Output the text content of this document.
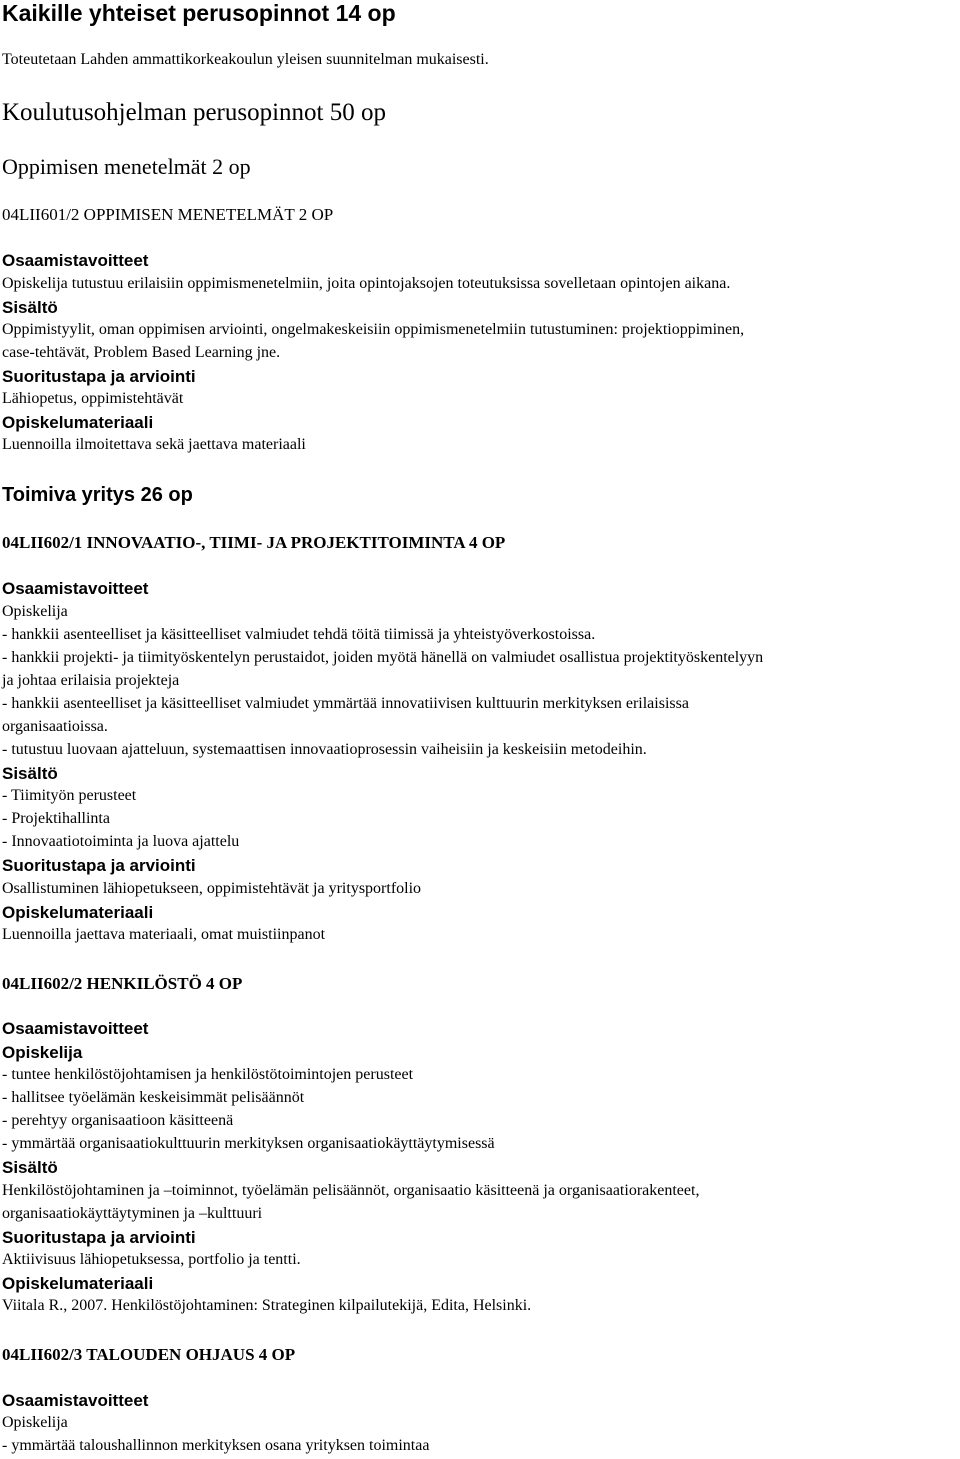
Kaikille yhteiset perusopinnot 14 op
Toteutetaan Lahden ammattikorkeakoulun yleisen suunnitelman mukaisesti.
Koulutusohjelman perusopinnot 50 op
Oppimisen menetelmät 2 op
04LII601/2 OPPIMISEN MENETELMÄT 2 OP
Osaamistavoitteet
Opiskelija tutustuu erilaisiin oppimismenetelmiin, joita opintojaksojen toteutuksissa sovelletaan opintojen aikana.
Sisältö
Oppimistyylit, oman oppimisen arviointi, ongelmakeskeisiin oppimismenetelmiin tutustuminen: projektioppiminen,
case-tehtävät, Problem Based Learning jne.
Suoritustapa ja arviointi
Lähiopetus, oppimistehtävät
Opiskelumateriaali
Luennoilla ilmoitettava sekä jaettava materiaali
Toimiva yritys 26 op
04LII602/1 INNOVAATIO-, TIIMI- JA PROJEKTITOIMINTA 4 OP
Osaamistavoitteet
Opiskelija
- hankkii asenteelliset ja käsitteelliset valmiudet tehdä töitä tiimissä ja yhteistyöverkostoissa.
- hankkii projekti- ja tiimityöskentelyn perustaidot, joiden myötä hänellä on valmiudet osallistua projektityöskentelyyn
ja johtaa erilaisia projekteja
- hankkii asenteelliset ja käsitteelliset valmiudet ymmärtää innovatiivisen kulttuurin merkityksen erilaisissa
organisaatioissa.
- tutustuu luovaan ajatteluun, systemaattisen innovaatioprosessin vaiheisiin ja keskeisiin metodeihin.
Sisältö
- Tiimityön perusteet
- Projektihallinta
- Innovaatiotoiminta ja luova ajattelu
Suoritustapa ja arviointi
Osallistuminen lähiopetukseen, oppimistehtävät ja yritysportfolio
Opiskelumateriaali
Luennoilla jaettava materiaali, omat muistiinpanot
04LII602/2 HENKILÖSTÖ 4 OP
Osaamistavoitteet
Opiskelija
- tuntee henkilöstöjohtamisen ja henkilöstötoimintojen perusteet
- hallitsee työelämän keskeisimmät pelisäännöt
- perehtyy organisaatioon käsitteenä
- ymmärtää organisaatiokulttuurin merkityksen organisaatiokäyttäytymisessä
Sisältö
Henkilöstöjohtaminen ja –toiminnot, työelämän pelisäännöt, organisaatio käsitteenä ja organisaatiorakenteet,
organisaatiokäyttäytyminen ja –kulttuuri
Suoritustapa ja arviointi
Aktiivisuus lähiopetuksessa, portfolio ja tentti.
Opiskelumateriaali
Viitala R., 2007. Henkilöstöjohtaminen: Strateginen kilpailutekijä, Edita, Helsinki.
04LII602/3 TALOUDEN OHJAUS 4 OP
Osaamistavoitteet
Opiskelija
- ymmärtää taloushallinnon merkityksen osana yrityksen toimintaa
